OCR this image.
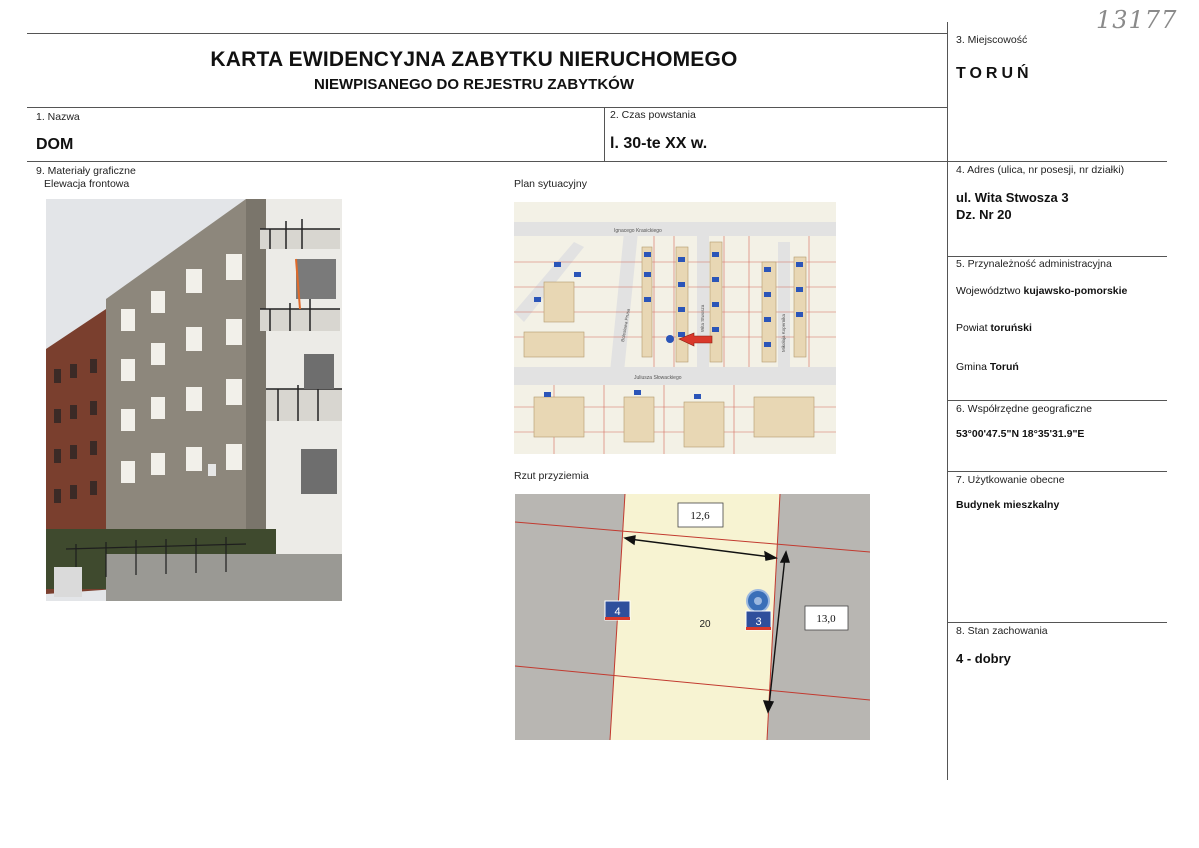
13177
KARTA EWIDENCYJNA ZABYTKU NIERUCHOMEGO
NIEWPISANEGO DO REJESTRU ZABYTKÓW
1. Nazwa
DOM
2. Czas powstania
l. 30-te XX w.
3. Miejscowość
TORUŃ
4. Adres (ulica, nr posesji, nr działki)
ul. Wita Stwosza 3
Dz. Nr 20
5. Przynależność administracyjna
Województwo kujawsko-pomorskie
Powiat toruński
Gmina Toruń
6. Współrzędne geograficzne
53°00'47.5"N 18°35'31.9"E
7. Użytkowanie obecne
Budynek mieszkalny
8. Stan zachowania
4 - dobry
9. Materiały graficzne
Elewacja frontowa	Plan sytuacyjny
Ignacego Krasickiego
Juliusza Słowackiego
Bolesława Prusa	Wita Stwosza	Mikołaja Kopernika
Rzut przyziemia
12,6
13,0
20
4
3
